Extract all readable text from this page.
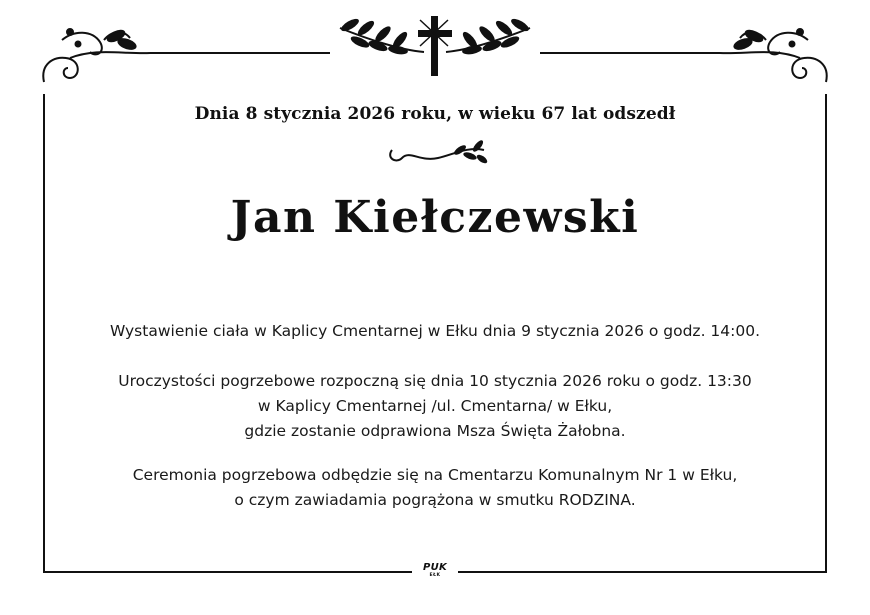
Dnia 8 stycznia 2026 roku, w wieku 67 lat odszedł
Jan Kiełczewski
Wystawienie ciała w Kaplicy Cmentarnej w Ełku dnia 9 stycznia 2026 o godz. 14:00.
Uroczystości pogrzebowe rozpoczną się dnia 10 stycznia 2026 roku o godz. 13:30
w Kaplicy Cmentarnej /ul. Cmentarna/ w Ełku,
gdzie zostanie odprawiona Msza Święta Żałobna.
Ceremonia pogrzebowa odbędzie się na Cmentarzu Komunalnym Nr 1 w Ełku,
o czym zawiadamia pogrążona w smutku RODZINA.
PUK
EŁK
